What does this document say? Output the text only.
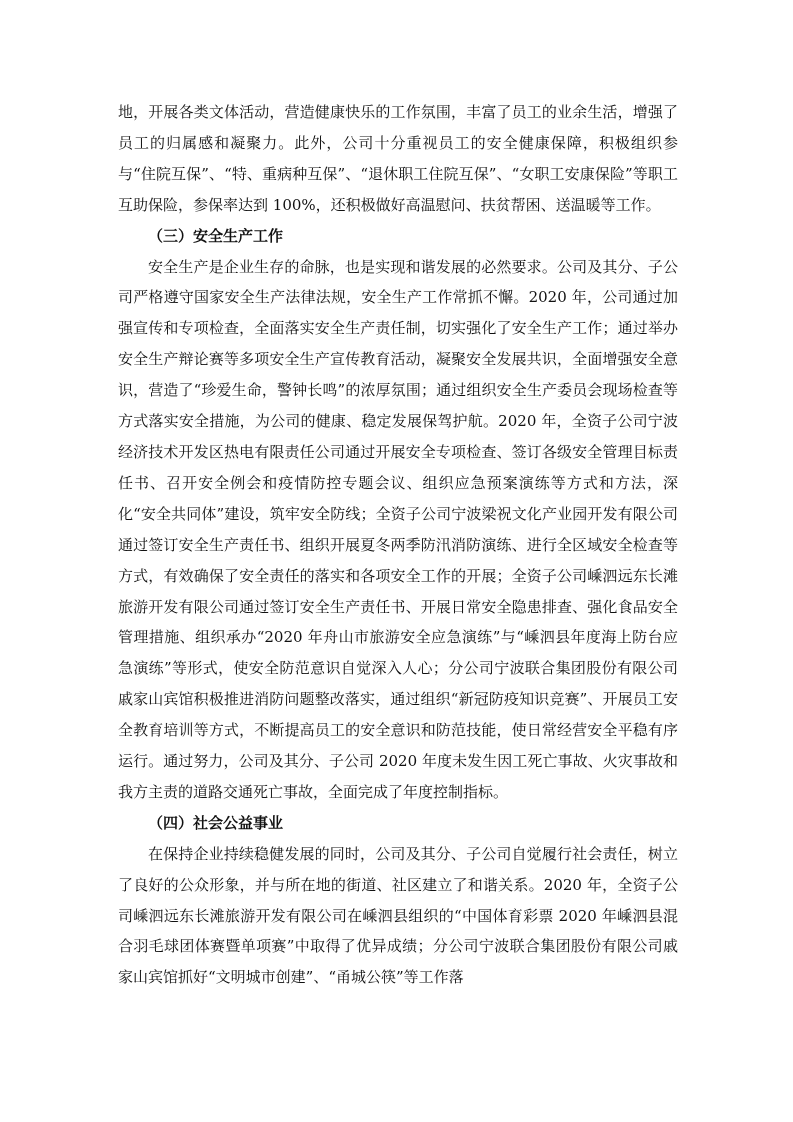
地，开展各类文体活动，营造健康快乐的工作氛围，丰富了员工的业余生活，增强了员工的归属感和凝聚力。此外，公司十分重视员工的安全健康保障，积极组织参与“住院互保”、“特、重病种互保”、“退休职工住院互保”、“女职工安康保险”等职工互助保险，参保率达到 100%，还积极做好高温慰问、扶贫帮困、送温暖等工作。

（三）安全生产工作

安全生产是企业生存的命脉，也是实现和谐发展的必然要求。公司及其分、子公司严格遵守国家安全生产法律法规，安全生产工作常抓不懈。2020 年，公司通过加强宣传和专项检查，全面落实安全生产责任制，切实强化了安全生产工作；通过举办安全生产辩论赛等多项安全生产宣传教育活动，凝聚安全发展共识，全面增强安全意识，营造了“珍爱生命，警钟长鸣”的浓厚氛围；通过组织安全生产委员会现场检查等方式落实安全措施，为公司的健康、稳定发展保驾护航。2020 年，全资子公司宁波经济技术开发区热电有限责任公司通过开展安全专项检查、签订各级安全管理目标责任书、召开安全例会和疫情防控专题会议、组织应急预案演练等方式和方法，深化“安全共同体”建设，筑牢安全防线；全资子公司宁波梁祝文化产业园开发有限公司通过签订安全生产责任书、组织开展夏冬两季防汛消防演练、进行全区域安全检查等方式，有效确保了安全责任的落实和各项安全工作的开展；全资子公司嵊泗远东长滩旅游开发有限公司通过签订安全生产责任书、开展日常安全隐患排查、强化食品安全管理措施、组织承办“2020 年舟山市旅游安全应急演练”与“嵊泗县年度海上防台应急演练”等形式，使安全防范意识自觉深入人心；分公司宁波联合集团股份有限公司戚家山宾馆积极推进消防问题整改落实，通过组织“新冠防疫知识竞赛”、开展员工安全教育培训等方式，不断提高员工的安全意识和防范技能，使日常经营安全平稳有序运行。通过努力，公司及其分、子公司 2020 年度未发生因工死亡事故、火灾事故和我方主责的道路交通死亡事故，全面完成了年度控制指标。

（四）社会公益事业

在保持企业持续稳健发展的同时，公司及其分、子公司自觉履行社会责任，树立了良好的公众形象，并与所在地的街道、社区建立了和谐关系。2020 年，全资子公司嵊泗远东长滩旅游开发有限公司在嵊泗县组织的“中国体育彩票 2020 年嵊泗县混合羽毛球团体赛暨单项赛”中取得了优异成绩；分公司宁波联合集团股份有限公司戚家山宾馆抓好“文明城市创建”、“甬城公筷”等工作落
